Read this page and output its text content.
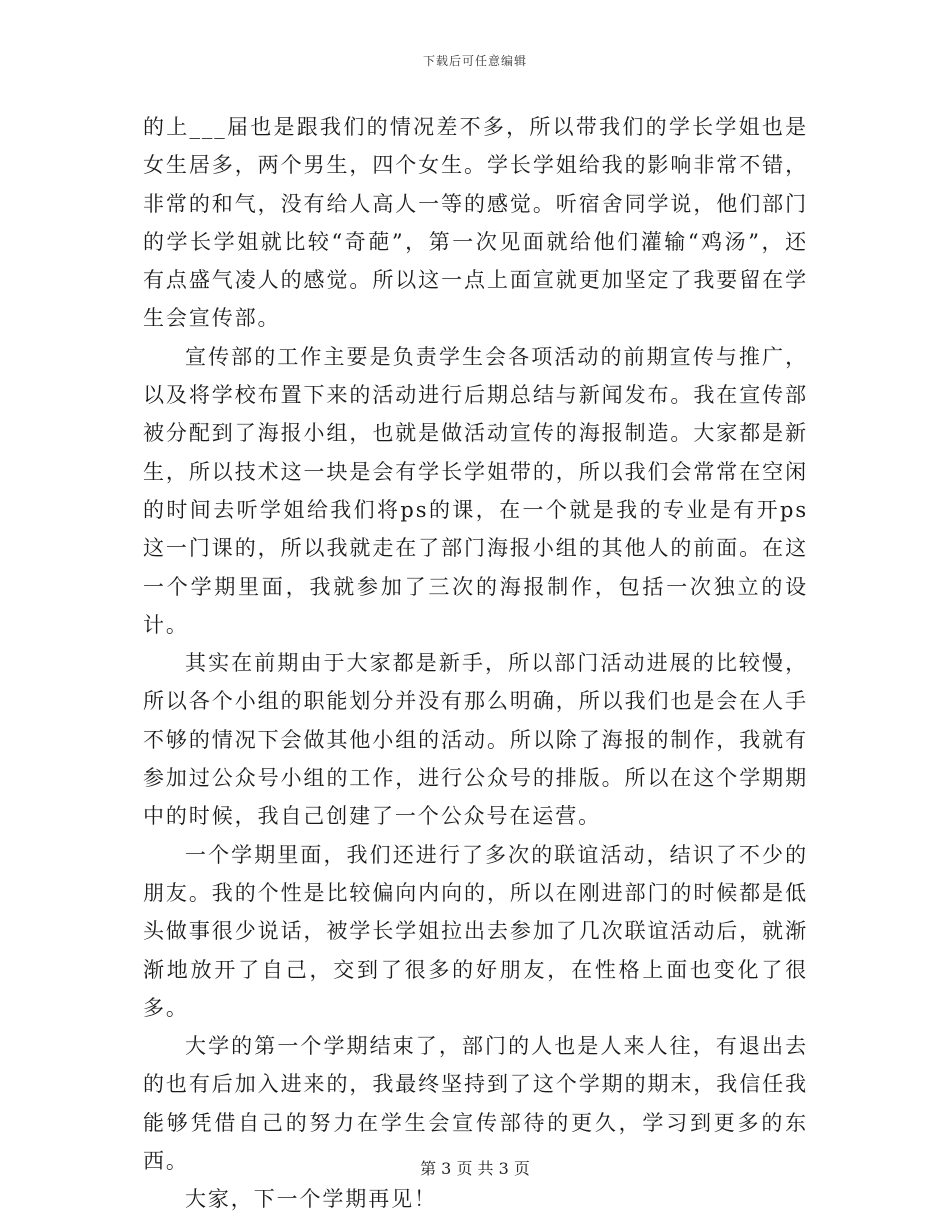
下载后可任意编辑

的上___届也是跟我们的情况差不多，所以带我们的学长学姐也是女生居多，两个男生，四个女生。学长学姐给我的影响非常不错，非常的和气，没有给人高人一等的感觉。听宿舍同学说，他们部门的学长学姐就比较“奇葩”，第一次见面就给他们灌输“鸡汤”，还有点盛气凌人的感觉。所以这一点上面宣就更加坚定了我要留在学生会宣传部。

宣传部的工作主要是负责学生会各项活动的前期宣传与推广，以及将学校布置下来的活动进行后期总结与新闻发布。我在宣传部被分配到了海报小组，也就是做活动宣传的海报制造。大家都是新生，所以技术这一块是会有学长学姐带的，所以我们会常常在空闲的时间去听学姐给我们将ps的课，在一个就是我的专业是有开ps这一门课的，所以我就走在了部门海报小组的其他人的前面。在这一个学期里面，我就参加了三次的海报制作，包括一次独立的设计。

其实在前期由于大家都是新手，所以部门活动进展的比较慢，所以各个小组的职能划分并没有那么明确，所以我们也是会在人手不够的情况下会做其他小组的活动。所以除了海报的制作，我就有参加过公众号小组的工作，进行公众号的排版。所以在这个学期期中的时候，我自己创建了一个公众号在运营。

一个学期里面，我们还进行了多次的联谊活动，结识了不少的朋友。我的个性是比较偏向内向的，所以在刚进部门的时候都是低头做事很少说话，被学长学姐拉出去参加了几次联谊活动后，就渐渐地放开了自己，交到了很多的好朋友，在性格上面也变化了很多。

大学的第一个学期结束了，部门的人也是人来人往，有退出去的也有后加入进来的，我最终坚持到了这个学期的期末，我信任我能够凭借自己的努力在学生会宣传部待的更久，学习到更多的东西。

大家，下一个学期再见！

第 3 页 共 3 页
